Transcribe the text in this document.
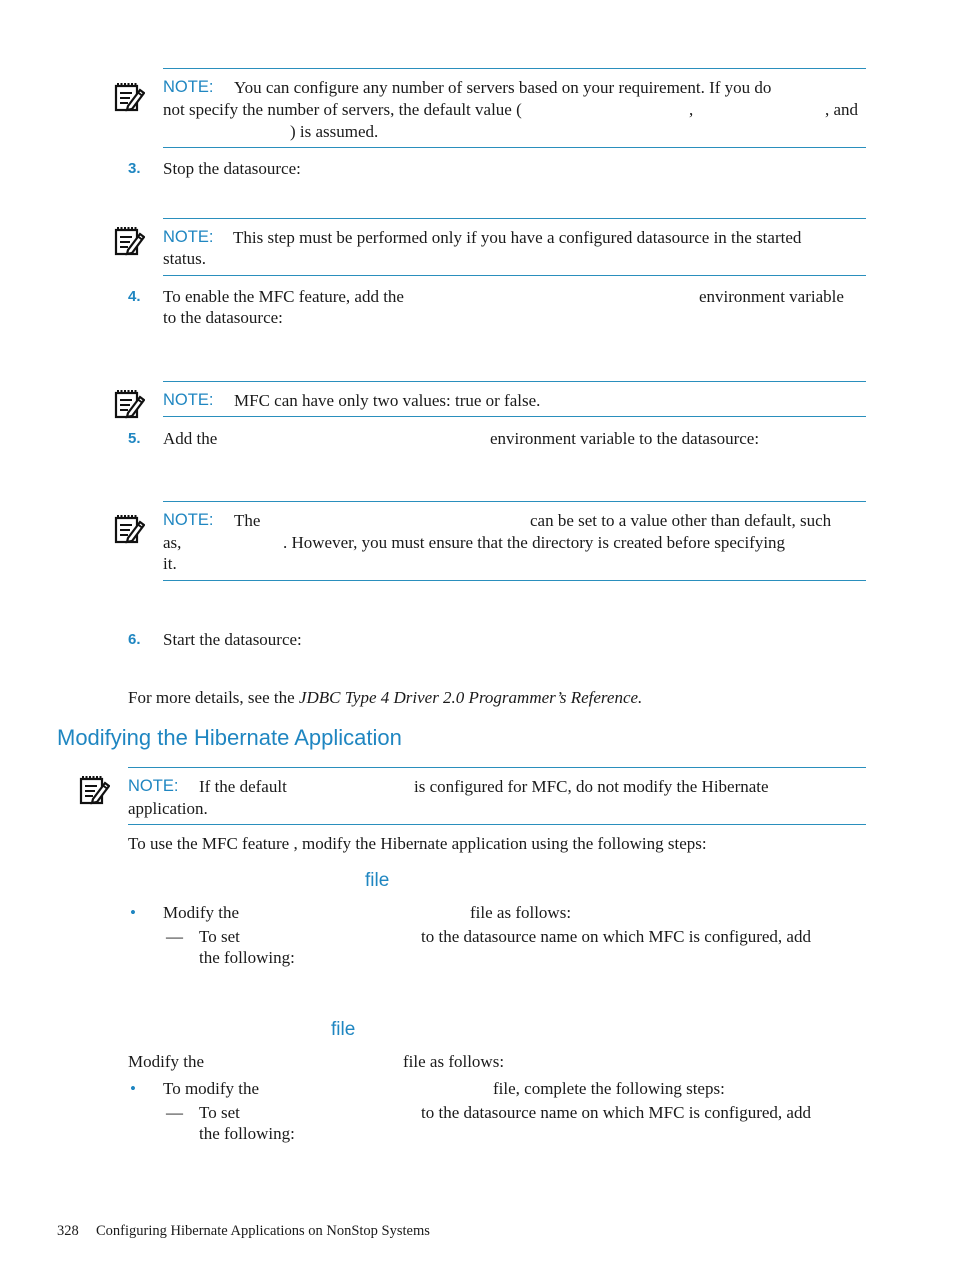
NOTE: You can configure any number of servers based on your requirement. If you do
not specify the number of servers, the default value (	,	, and
) is assumed.
3. Stop the datasource:
NOTE: This step must be performed only if you have a configured datasource in the started
status.
4. To enable the MFC feature, add the	environment variable
to the datasource:
NOTE: MFC can have only two values: true or false.
5. Add the	environment variable to the datasource:
NOTE: The	can be set to a value other than default, such
as,	. However, you must ensure that the directory is created before specifying
it.
6. Start the datasource:
For more details, see the JDBC Type 4 Driver 2.0 Programmer’s Reference.
Modifying the Hibernate Application
NOTE: If the default	is configured for MFC, do not modify the Hibernate
application.
To use the MFC feature , modify the Hibernate application using the following steps:
file
• Modify the	file as follows:
— To set	to the datasource name on which MFC is configured, add
the following:
file
Modify the	file as follows:
• To modify the	file, complete the following steps:
— To set	to the datasource name on which MFC is configured, add
the following:
328 Configuring Hibernate Applications on NonStop Systems
